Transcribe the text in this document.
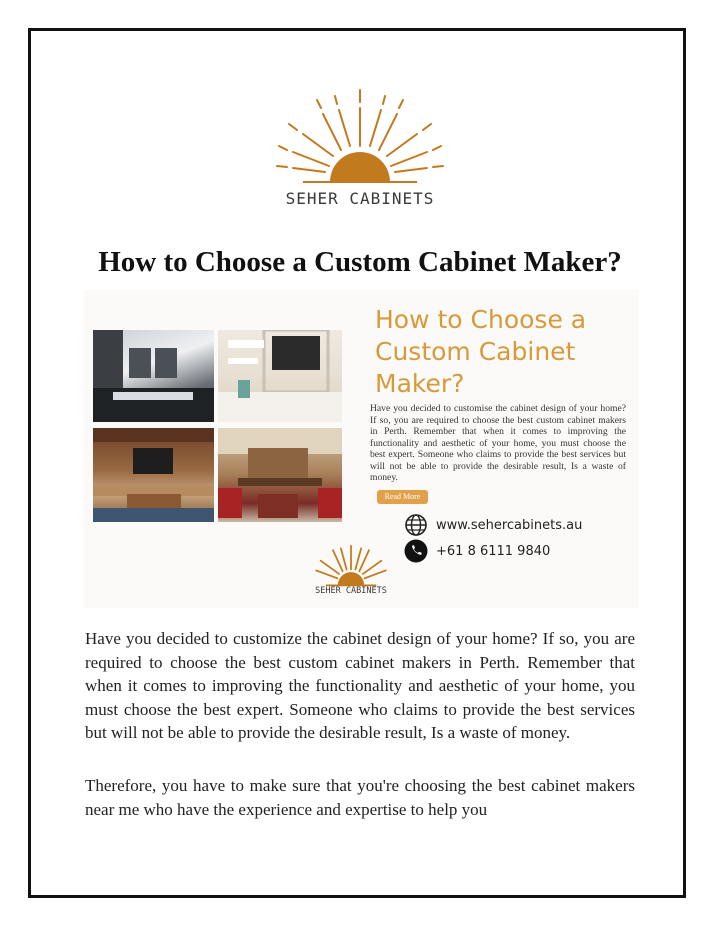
SEHER CABINETS
How to Choose a Custom Cabinet Maker?
How to Choose a
Custom Cabinet
Maker?
Have you decided to customise the cabinet design of your home? If so, you are required to choose the best custom cabinet makers in Perth. Remember that when it comes to improving the functionality and aesthetic of your home, you must choose the best expert. Someone who claims to provide the best services but will not be able to provide the desirable result, Is a waste of money.
Read More
www.sehercabinets.au
+61 8 6111 9840
SEHER CABINETS
Have you decided to customize the cabinet design of your home? If so, you are required to choose the best custom cabinet makers in Perth. Remember that when it comes to improving the functionality and aesthetic of your home, you must choose the best expert. Someone who claims to provide the best services but will not be able to provide the desirable result, Is a waste of money.
Therefore, you have to make sure that you're choosing the best cabinet makers near me who have the experience and expertise to help you
